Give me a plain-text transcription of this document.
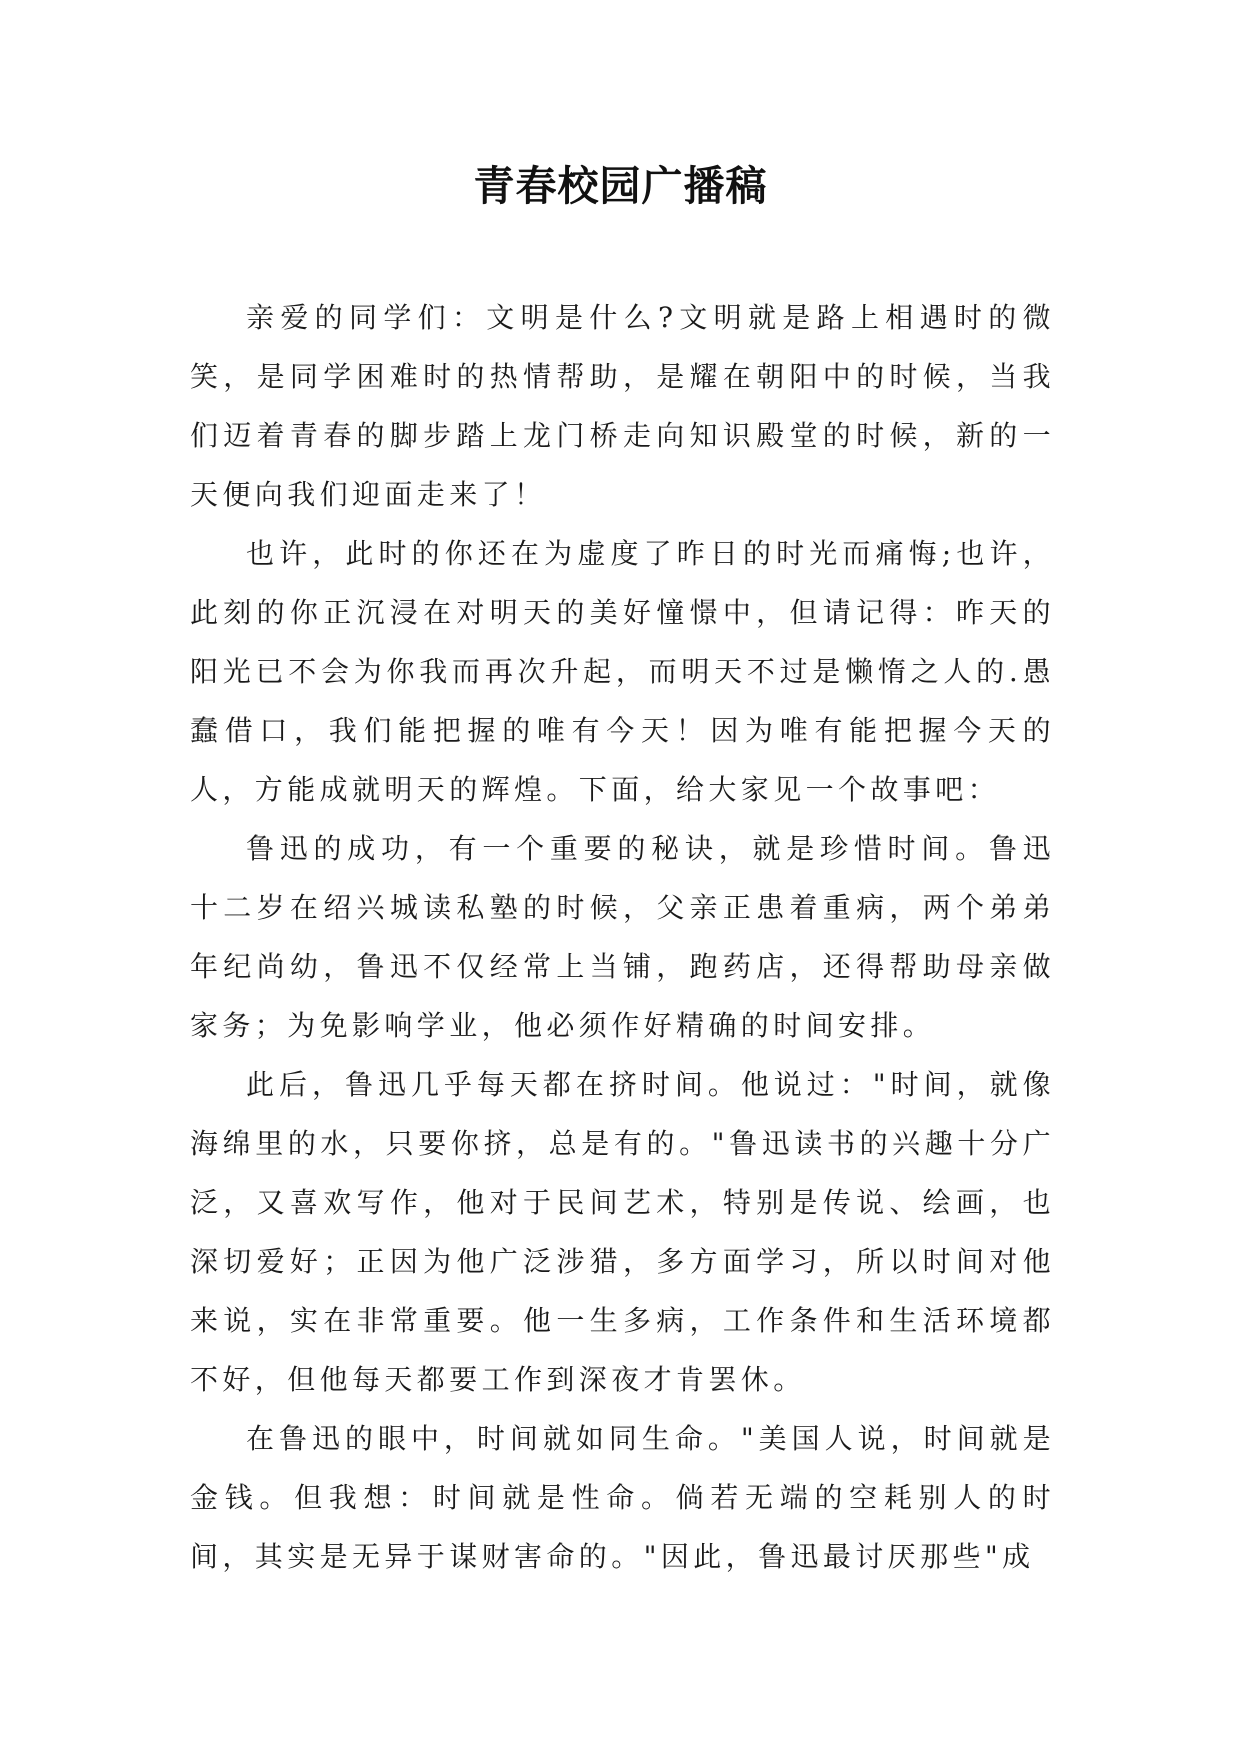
青春校园广播稿

亲爱的同学们：文明是什么?文明就是路上相遇时的微笑，是同学困难时的热情帮助，是耀在朝阳中的时候，当我们迈着青春的脚步踏上龙门桥走向知识殿堂的时候，新的一天便向我们迎面走来了！

也许，此时的你还在为虚度了昨日的时光而痛悔;也许，此刻的你正沉浸在对明天的美好憧憬中，但请记得：昨天的阳光已不会为你我而再次升起，而明天不过是懒惰之人的.愚蠢借口，我们能把握的唯有今天！因为唯有能把握今天的人，方能成就明天的辉煌。下面，给大家见一个故事吧：

鲁迅的成功，有一个重要的秘诀，就是珍惜时间。鲁迅十二岁在绍兴城读私塾的时候，父亲正患着重病，两个弟弟年纪尚幼，鲁迅不仅经常上当铺，跑药店，还得帮助母亲做家务；为免影响学业，他必须作好精确的时间安排。

此后，鲁迅几乎每天都在挤时间。他说过："时间，就像海绵里的水，只要你挤，总是有的。"鲁迅读书的兴趣十分广泛，又喜欢写作，他对于民间艺术，特别是传说、绘画，也深切爱好；正因为他广泛涉猎，多方面学习，所以时间对他来说，实在非常重要。他一生多病，工作条件和生活环境都不好，但他每天都要工作到深夜才肯罢休。

在鲁迅的眼中，时间就如同生命。"美国人说，时间就是金钱。但我想：时间就是性命。倘若无端的空耗别人的时间，其实是无异于谋财害命的。"因此，鲁迅最讨厌那些"成
